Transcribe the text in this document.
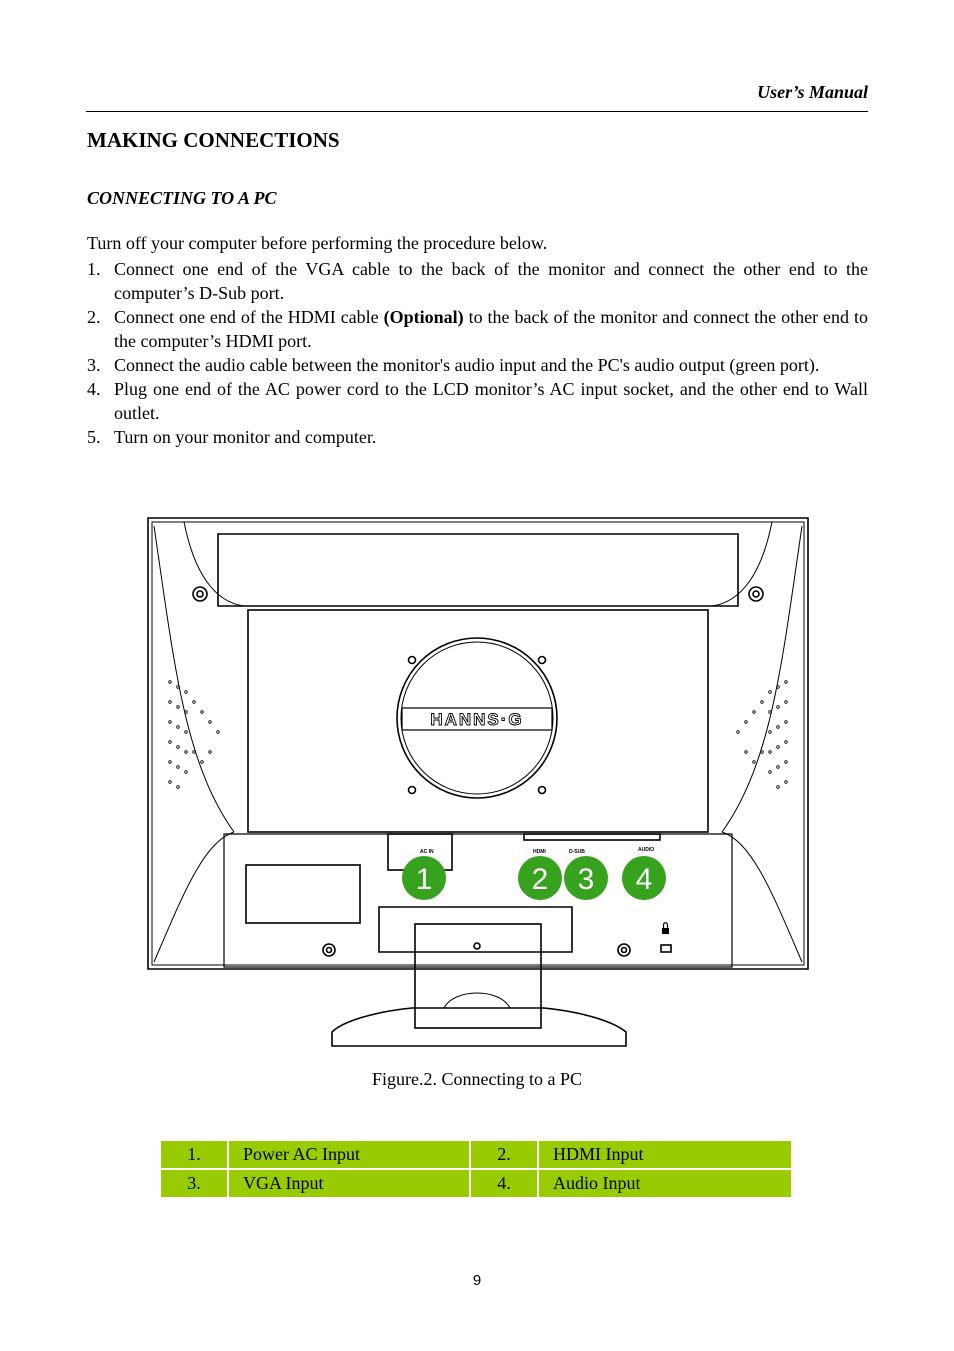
User’s Manual
MAKING CONNECTIONS
CONNECTING TO A PC
Turn off your computer before performing the procedure below.
1. Connect one end of the VGA cable to the back of the monitor and connect the other end to the computer’s D-Sub port.
2. Connect one end of the HDMI cable (Optional) to the back of the monitor and connect the other end to the computer’s HDMI port.
3. Connect the audio cable between the monitor's audio input and the PC's audio output (green port).
4. Plug one end of the AC power cord to the LCD monitor’s AC input socket, and the other end to Wall outlet.
5. Turn on your monitor and computer.
HANNS·G
AC IN	HDMI	D-SUB	AUDIO
1	2 3 4
Figure.2. Connecting to a PC
1.	Power AC Input	2.	HDMI Input
3.	VGA Input	4.	Audio Input
9
